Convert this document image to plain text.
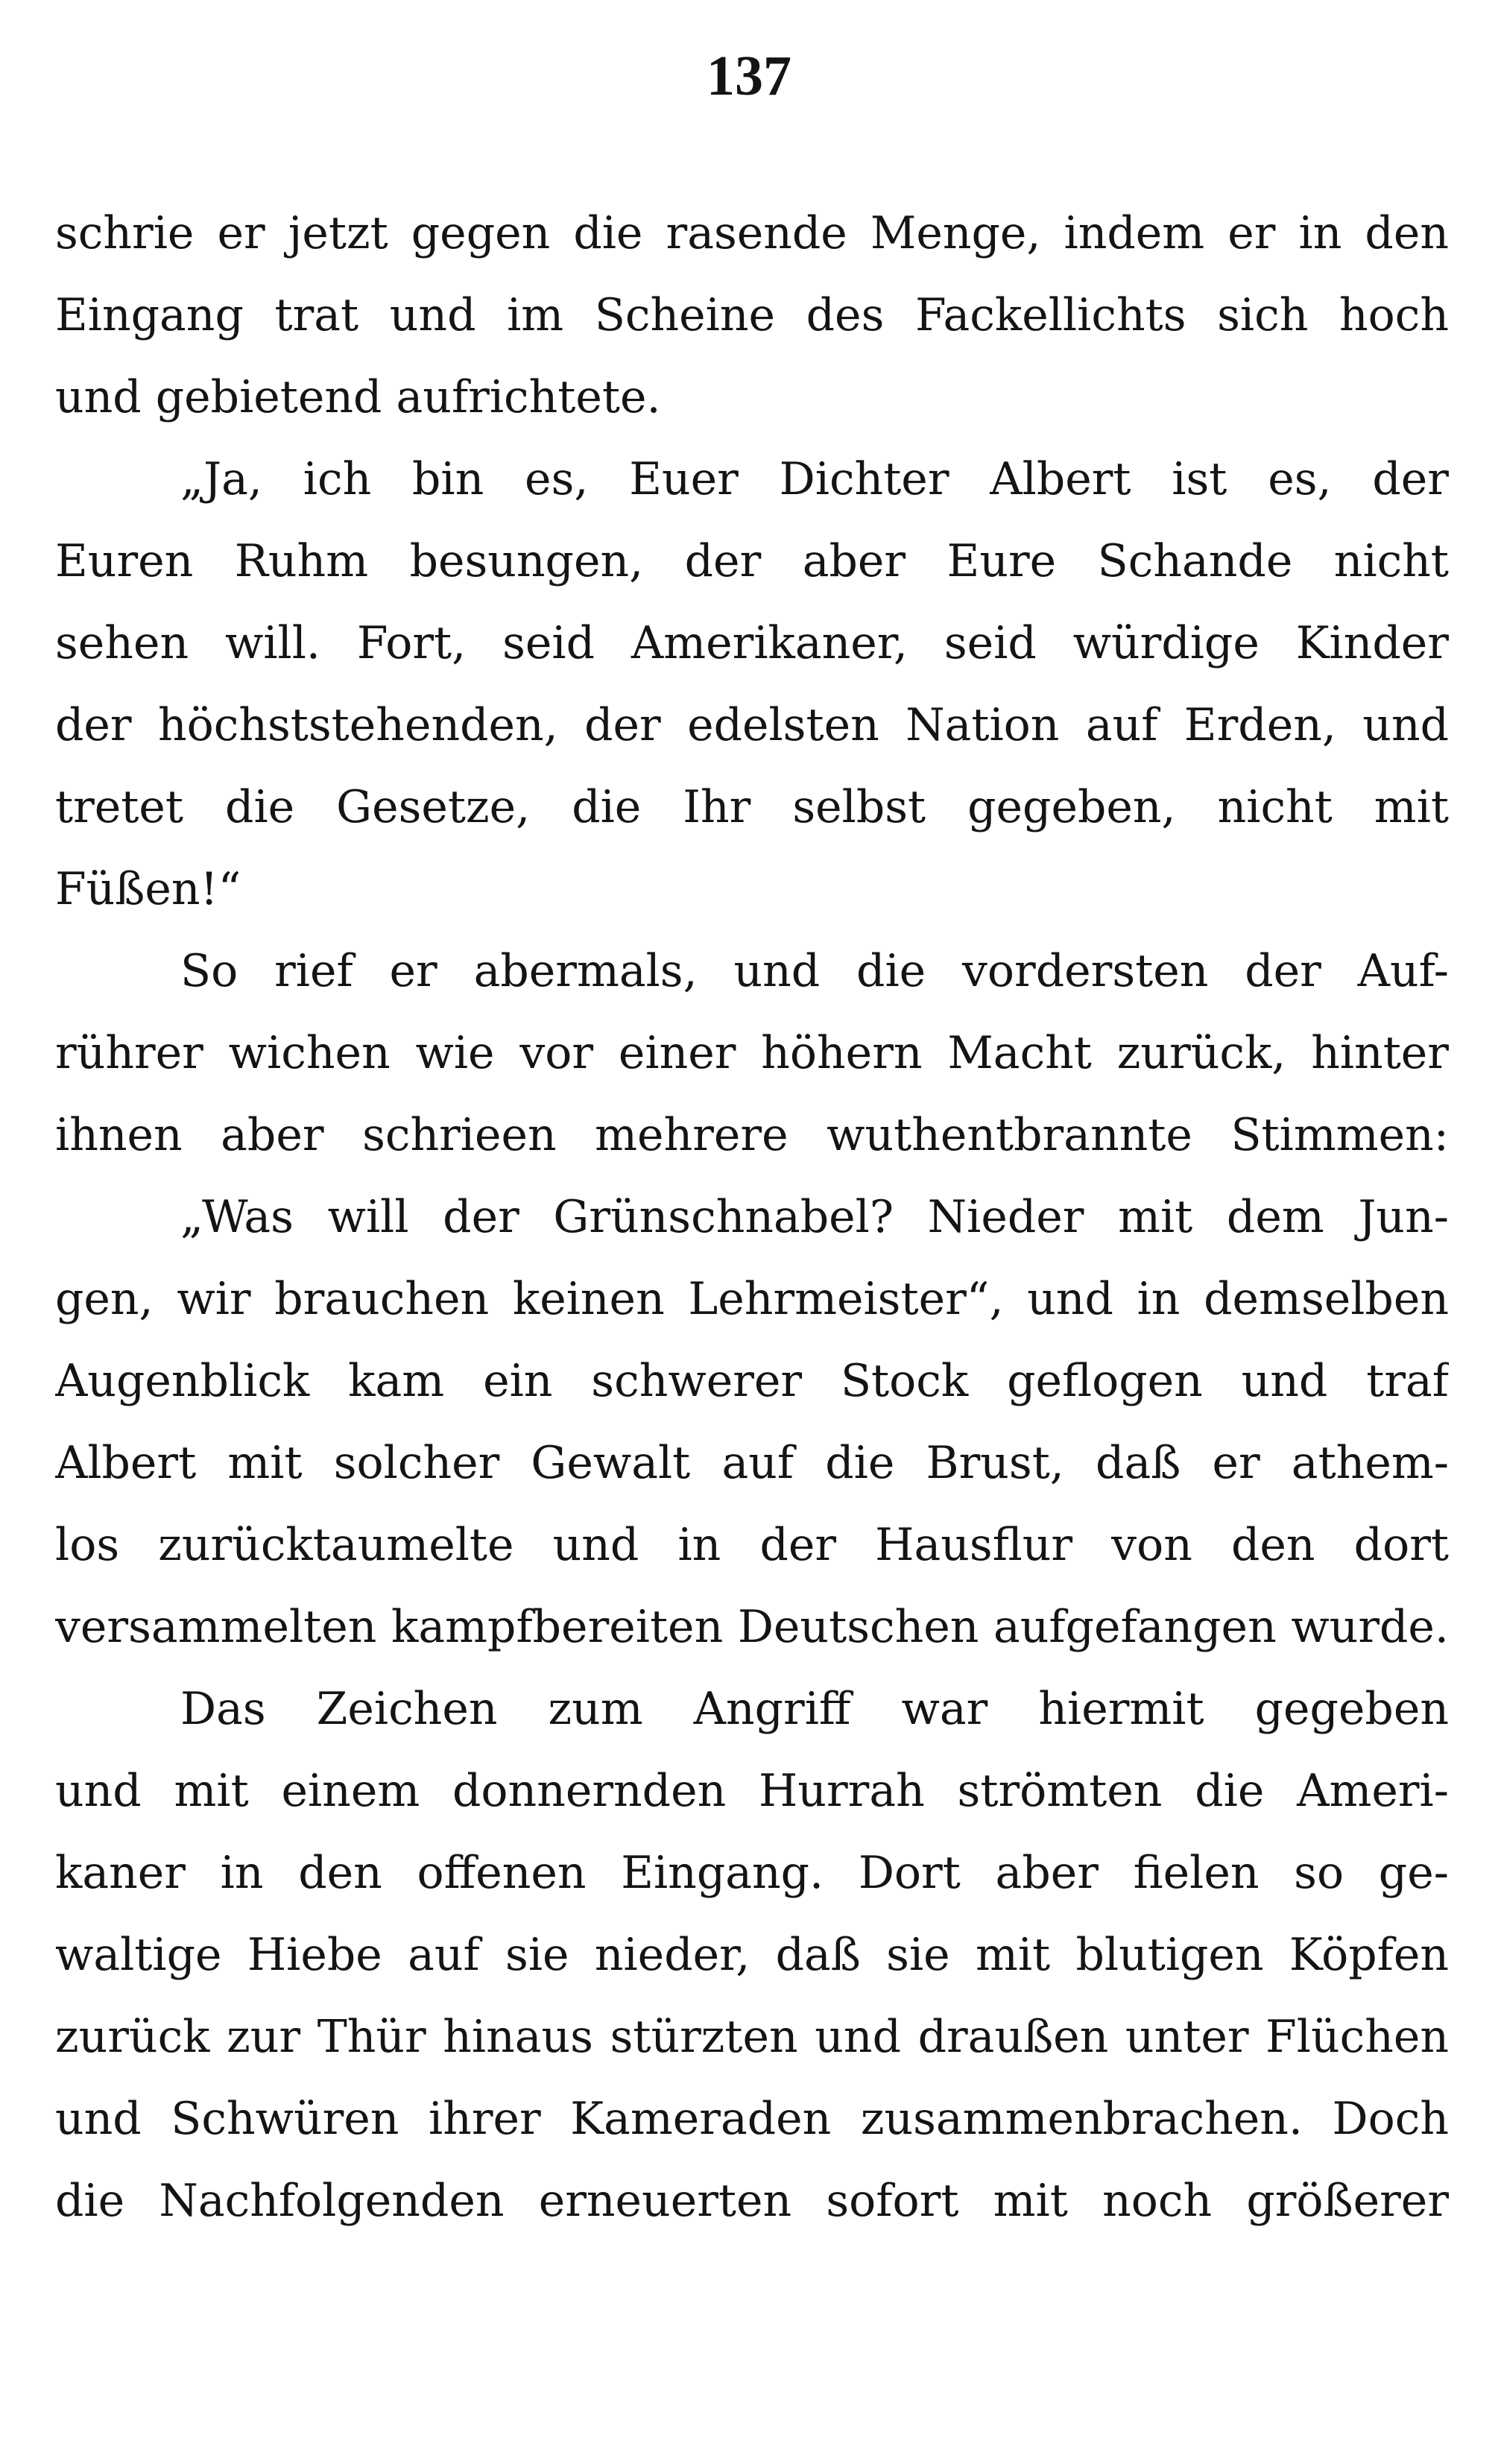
137
schrie er jetzt gegen die rasende Menge, indem er in den
Eingang trat und im Scheine des Fackellichts sich hoch
und gebietend aufrichtete.
„Ja, ich bin es, Euer Dichter Albert ist es, der
Euren Ruhm besungen, der aber Eure Schande nicht
sehen will. Fort, seid Amerikaner, seid würdige Kinder
der höchststehenden, der edelsten Nation auf Erden, und
tretet die Gesetze, die Ihr selbst gegeben, nicht mit
Füßen!“
So rief er abermals, und die vordersten der Auf-
rührer wichen wie vor einer höhern Macht zurück, hinter
ihnen aber schrieen mehrere wuthentbrannte Stimmen:
„Was will der Grünschnabel? Nieder mit dem Jun-
gen, wir brauchen keinen Lehrmeister“, und in demselben
Augenblick kam ein schwerer Stock geflogen und traf
Albert mit solcher Gewalt auf die Brust, daß er athem-
los zurücktaumelte und in der Hausflur von den dort
versammelten kampfbereiten Deutschen aufgefangen wurde.
Das Zeichen zum Angriff war hiermit gegeben
und mit einem donnernden Hurrah strömten die Ameri-
kaner in den offenen Eingang. Dort aber fielen so ge-
waltige Hiebe auf sie nieder, daß sie mit blutigen Köpfen
zurück zur Thür hinaus stürzten und draußen unter Flüchen
und Schwüren ihrer Kameraden zusammenbrachen. Doch
die Nachfolgenden erneuerten sofort mit noch größerer
